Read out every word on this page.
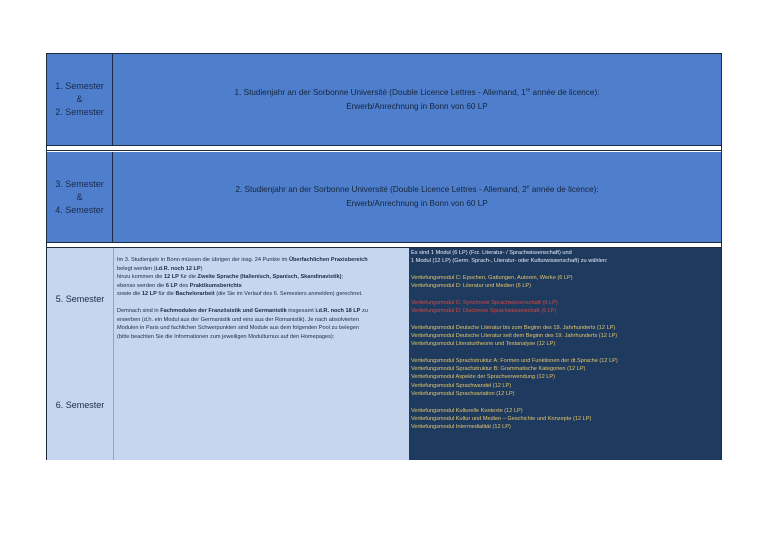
1. Semester
&
2. Semester
1. Studienjahr an der Sorbonne Université (Double Licence Lettres - Allemand, 1re année de licence):
Erwerb/Anrechnung in Bonn von 60 LP
3. Semester
&
4. Semester
2. Studienjahr an der Sorbonne Université (Double Licence Lettres - Allemand, 2e année de licence):
Erwerb/Anrechnung in Bonn von 60 LP
5. Semester
6. Semester

Im 3. Studienjahr in Bonn müssen die übrigen der insg. 24 Punkte im Überfachlichen Praxisbereich

belegt werden (i.d.R. noch 12 LP)

hinzu kommen die 12 LP für die Zweite Sprache (Italienisch, Spanisch, Skandinavistik);

ebenso werden die 6 LP des Praktikumsberichts

sowie die 12 LP für die Bachelorarbeit (die Sie im Verlauf des 6. Semesters anmelden) gerechnet.

Demnach sind in Fachmodulen der Französistik und Germanistik insgesamt i.d.R. noch 18 LP zu

erwerben (d.h. ein Modul aus der Germanistik und eins aus der Romanistik). Je nach absolvierten

Modulen in Paris und fachlichen Schwerpunkten sind Module aus dem folgenden Pool zu belegen

(bitte beachten Sie die Informationen zum jeweiligen Modulturnus auf den Homepages):

Es sind 1 Modul (6 LP) (Frz. Literatur- / Sprachwissenschaft) und
1 Modul (12 LP) (Germ. Sprach-, Literatur- oder Kulturwissenschaft) zu wählen:
Vertiefungsmodul C: Epochen, Gattungen, Autoren, Werke (6 LP)
Vertiefungsmodul D: Literatur und Medien (6 LP)
Vertiefungsmodul C: Synchrone Sprachwissenschaft (6 LP)
Vertiefungsmodul D: Diachrone Sprachwissenschaft (6 LP)
Vertiefungsmodul Deutsche Literatur bis zum Beginn des 19. Jahrhunderts (12 LP)
Vertiefungsmodul Deutsche Literatur seit dem Beginn des 19. Jahrhunderts (12 LP)
Vertiefungsmodul Literaturtheorie und Textanalyse (12 LP)
Vertiefungsmodul Sprachstruktur A: Formen und Funktionen der dt.Sprache (12 LP)
Vertiefungsmodul Sprachstruktur B: Grammatische Kategorien (12 LP)
Vertiefungsmodul Aspekte der Sprachverwendung (12 LP)
Vertiefungsmodul Sprachwandel (12 LP)
Vertiefungsmodul Sprachvariation (12 LP)
Vertiefungsmodul Kulturelle Kontexte (12 LP)
Vertiefungsmodul Kultur und Medien – Geschichte und Konzepte (12 LP)
Vertiefungsmodul Intermedialität (12 LP)
